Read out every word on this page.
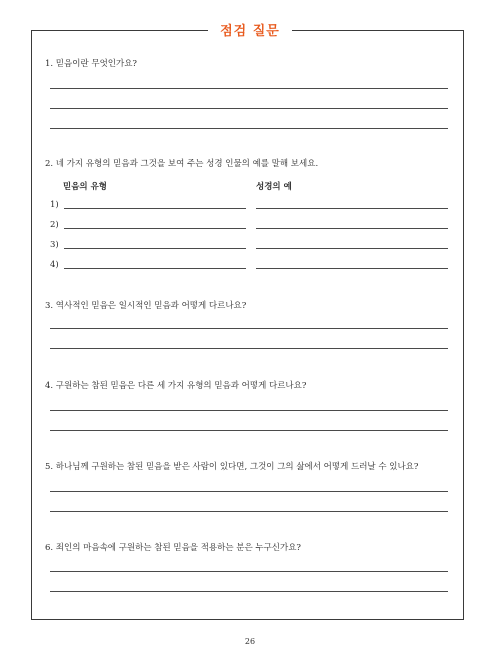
점검 질문
1. 믿음이란 무엇인가요?
2. 네 가지 유형의 믿음과 그것을 보여 주는 성경 인물의 예를 말해 보세요.
믿음의 유형	성경의 예
1)
2)
3)
4)
3. 역사적인 믿음은 일시적인 믿음과 어떻게 다르나요?
4. 구원하는 참된 믿음은 다른 세 가지 유형의 믿음과 어떻게 다르나요?
5. 하나님께 구원하는 참된 믿음을 받은 사람이 있다면, 그것이 그의 삶에서 어떻게 드러날 수 있나요?
6. 죄인의 마음속에 구원하는 참된 믿음을 적용하는 분은 누구신가요?
26
